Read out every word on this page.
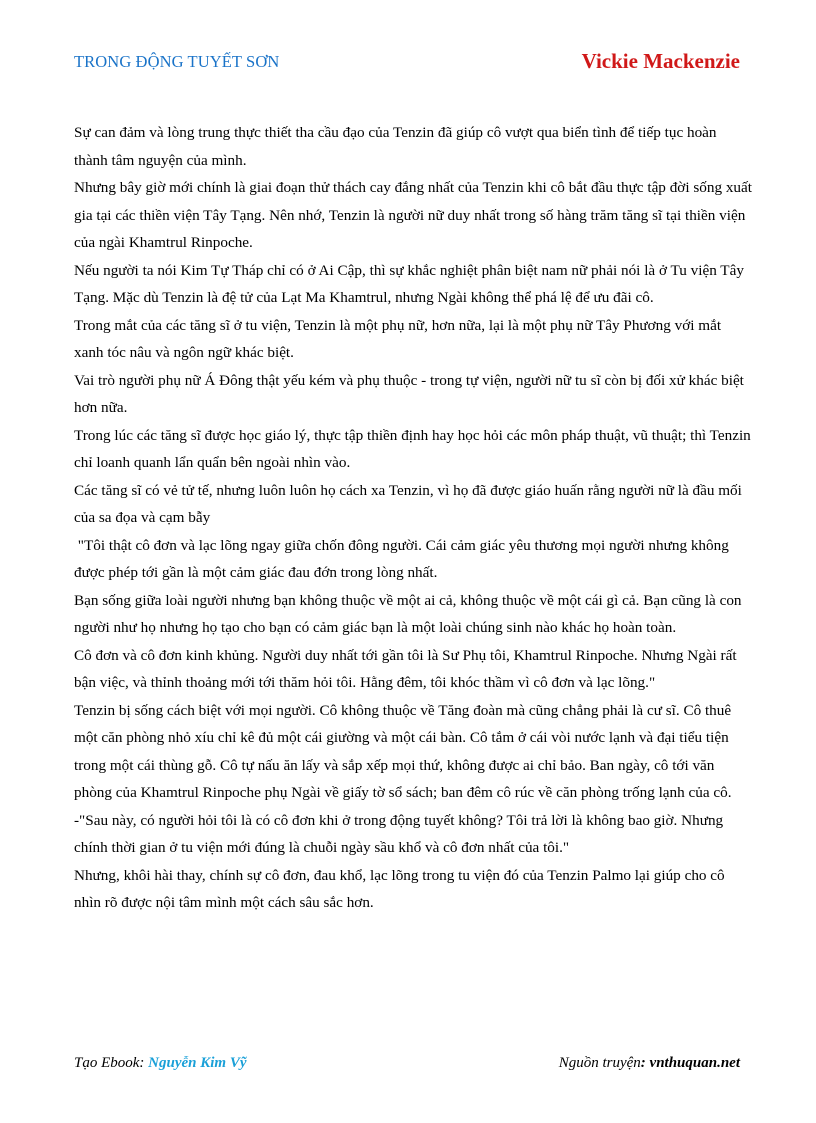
TRONG ĐỘNG TUYẾT SƠN	Vickie Mackenzie

Sự can đảm và lòng trung thực thiết tha cầu đạo của Tenzin đã giúp cô vượt qua biển tình để tiếp tục hoàn thành tâm nguyện của mình.

Nhưng bây giờ mới chính là giai đoạn thử thách cay đắng nhất của Tenzin khi cô bắt đầu thực tập đời sống xuất gia tại các thiền viện Tây Tạng. Nên nhớ, Tenzin là người nữ duy nhất trong số hàng trăm tăng sĩ tại thiền viện của ngài Khamtrul Rinpoche.

Nếu người ta nói Kim Tự Tháp chỉ có ở Ai Cập, thì sự khắc nghiệt phân biệt nam nữ phải nói là ở Tu viện Tây Tạng. Mặc dù Tenzin là đệ tử của Lạt Ma Khamtrul, nhưng Ngài không thể phá lệ để ưu đãi cô.

Trong mắt của các tăng sĩ ở tu viện, Tenzin là một phụ nữ, hơn nữa, lại là một phụ nữ Tây Phương với mắt xanh tóc nâu và ngôn ngữ khác biệt.

Vai trò người phụ nữ Á Đông thật yếu kém và phụ thuộc - trong tự viện, người nữ tu sĩ còn bị đối xử khác biệt hơn nữa.

Trong lúc các tăng sĩ được học giáo lý, thực tập thiền định hay học hỏi các môn pháp thuật, vũ thuật; thì Tenzin chỉ loanh quanh lẩn quẩn bên ngoài nhìn vào.

Các tăng sĩ có vẻ tử tế, nhưng luôn luôn họ cách xa Tenzin, vì họ đã được giáo huấn rằng người nữ là đầu mối của sa đọa và cạm bẫy

"Tôi thật cô đơn và lạc lõng ngay giữa chốn đông người. Cái cảm giác yêu thương mọi người nhưng không được phép tới gần là một cảm giác đau đớn trong lòng nhất.

Bạn sống giữa loài người nhưng bạn không thuộc về một ai cả, không thuộc về một cái gì cả. Bạn cũng là con người như họ nhưng họ tạo cho bạn có cảm giác bạn là một loài chúng sinh nào khác họ hoàn toàn.

Cô đơn và cô đơn kinh khủng. Người duy nhất tới gần tôi là Sư Phụ tôi, Khamtrul Rinpoche. Nhưng Ngài rất bận việc, và thỉnh thoảng mới tới thăm hỏi tôi. Hằng đêm, tôi khóc thầm vì cô đơn và lạc lõng."

Tenzin bị sống cách biệt với mọi người. Cô không thuộc về Tăng đoàn mà cũng chẳng phải là cư sĩ. Cô thuê một căn phòng nhỏ xíu chỉ kê đủ một cái giường và một cái bàn. Cô tắm ở cái vòi nước lạnh và đại tiểu tiện trong một cái thùng gỗ. Cô tự nấu ăn lấy và sắp xếp mọi thứ, không được ai chỉ bảo. Ban ngày, cô tới văn phòng của Khamtrul Rinpoche phụ Ngài về giấy tờ sổ sách; ban đêm cô rúc về căn phòng trống lạnh của cô.

-"Sau này, có người hỏi tôi là có cô đơn khi ở trong động tuyết không? Tôi trả lời là không bao giờ. Nhưng chính thời gian ở tu viện mới đúng là chuỗi ngày sầu khổ và cô đơn nhất của tôi."

Nhưng, khôi hài thay, chính sự cô đơn, đau khổ, lạc lõng trong tu viện đó của Tenzin Palmo lại giúp cho cô nhìn rõ được nội tâm mình một cách sâu sắc hơn.

Tạo Ebook: Nguyễn Kim Vỹ	Nguồn truyện: vnthuquan.net
